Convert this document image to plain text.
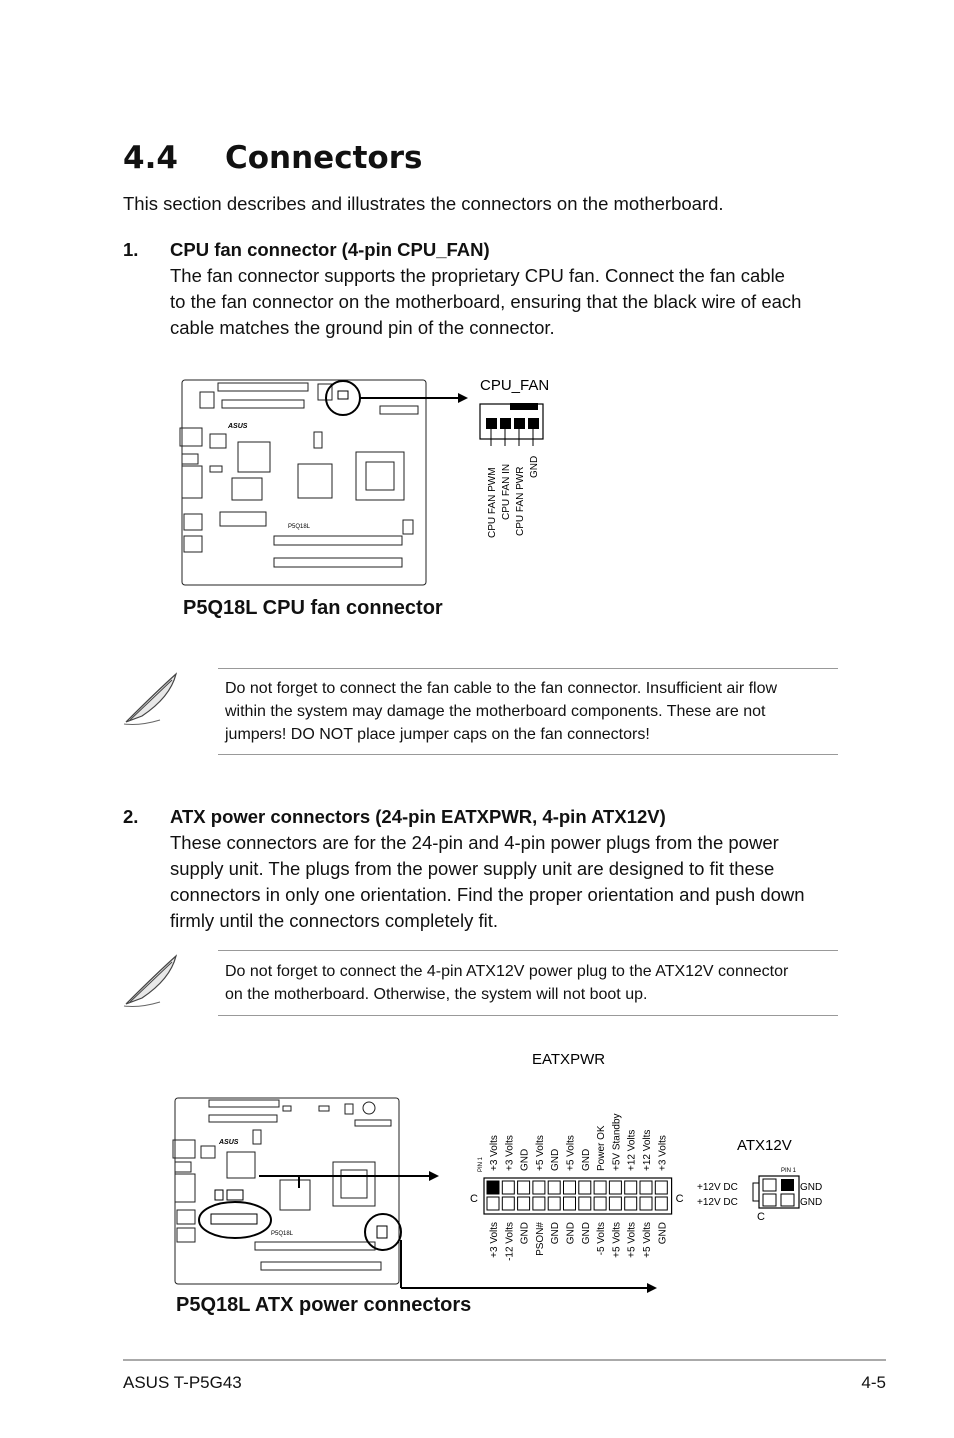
4.4 Connectors
This section describes and illustrates the connectors on the motherboard.
1. CPU fan connector (4-pin CPU_FAN)
The fan connector supports the proprietary CPU fan. Connect the fan cable
to the fan connector on the motherboard, ensuring that the black wire of each
cable matches the ground pin of the connector.
ASUS
P5Q18L
CPU_FAN
CPU FAN PWM CPU FAN IN CPU FAN PWR GND
P5Q18L CPU fan connector
Do not forget to connect the fan cable to the fan connector. Insufficient air flow
within the system may damage the motherboard components. These are not
jumpers! DO NOT place jumper caps on the fan connectors!
2. ATX power connectors (24-pin EATXPWR, 4-pin ATX12V)
These connectors are for the 24-pin and 4-pin power plugs from the power
supply unit. The plugs from the power supply unit are designed to fit these
connectors in only one orientation. Find the proper orientation and push down
firmly until the connectors completely fit.
Do not forget to connect the 4-pin ATX12V power plug to the ATX12V connector
on the motherboard. Otherwise, the system will not boot up.
ASUS
P5Q18L
EATXPWR
PIN 1
C	C
+3 Volts +3 Volts GND +5 Volts GND +5 Volts GND Power OK +5V Standby +12 Volts +12 Volts +3 Volts
+3 Volts -12 Volts GND PSON# GND GND GND -5 Volts +5 Volts +5 Volts +5 Volts GND
ATX12V
PIN 1
C
+12V DC
+12V DC
GND
GND
P5Q18L ATX power connectors
ASUS T-P5G43	4-5
